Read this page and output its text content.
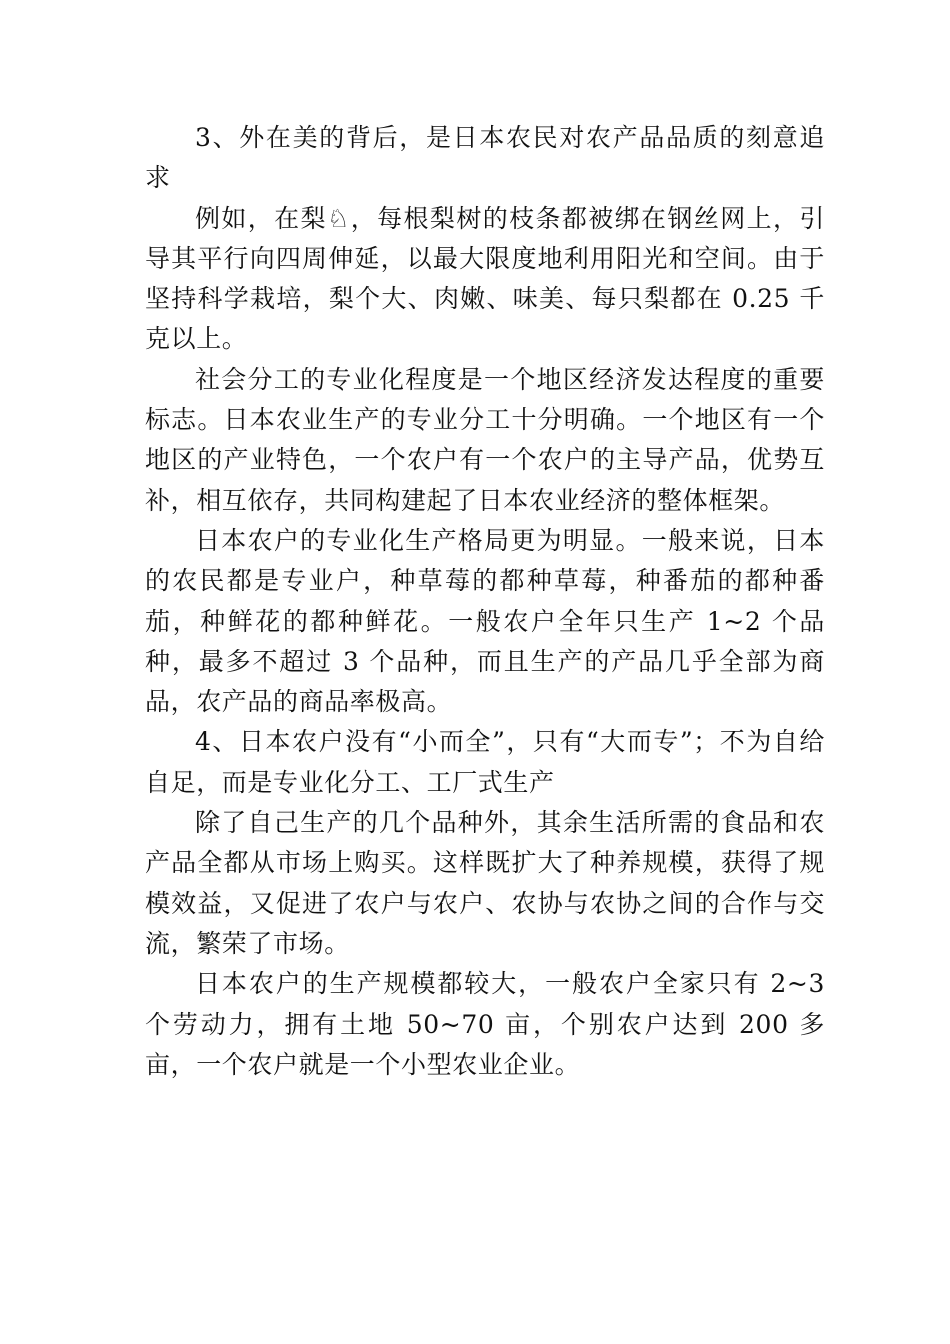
3、外在美的背后，是日本农民对农产品品质的刻意追求

例如，在梨♘，每根梨树的枝条都被绑在钢丝网上，引导其平行向四周伸延，以最大限度地利用阳光和空间。由于坚持科学栽培，梨个大、肉嫩、味美、每只梨都在 0.25 千克以上。

社会分工的专业化程度是一个地区经济发达程度的重要标志。日本农业生产的专业分工十分明确。一个地区有一个地区的产业特色，一个农户有一个农户的主导产品，优势互补，相互依存，共同构建起了日本农业经济的整体框架。

日本农户的专业化生产格局更为明显。一般来说，日本的农民都是专业户，种草莓的都种草莓，种番茄的都种番茄，种鲜花的都种鲜花。一般农户全年只生产 1~2 个品种，最多不超过 3 个品种，而且生产的产品几乎全部为商品，农产品的商品率极高。

4、日本农户没有“小而全”，只有“大而专”；不为自给自足，而是专业化分工、工厂式生产

除了自己生产的几个品种外，其余生活所需的食品和农产品全都从市场上购买。这样既扩大了种养规模，获得了规模效益，又促进了农户与农户、农协与农协之间的合作与交流，繁荣了市场。

日本农户的生产规模都较大，一般农户全家只有 2~3 个劳动力，拥有土地 50~70 亩，个别农户达到 200 多亩，一个农户就是一个小型农业企业。
